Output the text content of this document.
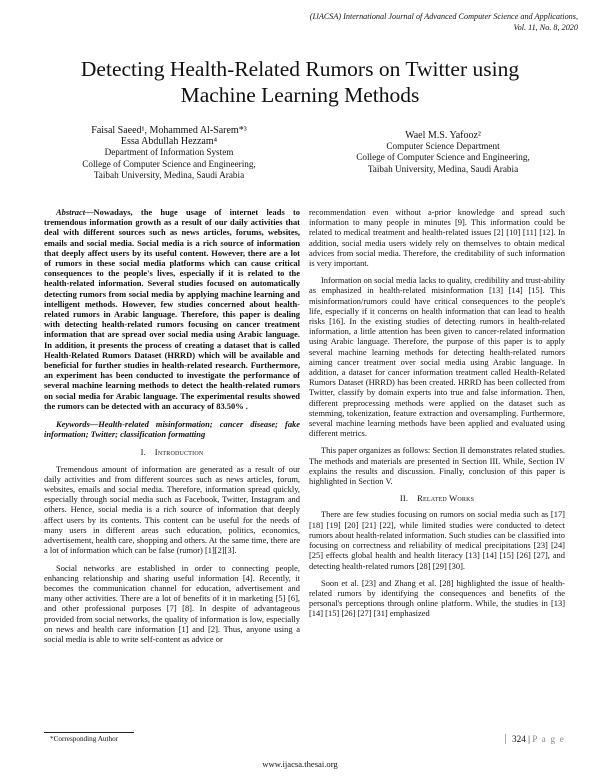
(IJACSA) International Journal of Advanced Computer Science and Applications,
Vol. 11, No. 8, 2020
Detecting Health-Related Rumors on Twitter using
Machine Learning Methods
Faisal Saeed¹, Mohammed Al-Sarem*³
Essa Abdullah Hezzam⁴
Department of Information System
College of Computer Science and Engineering,
Taibah University, Medina, Saudi Arabia
Wael M.S. Yafooz²
Computer Science Department
College of Computer Science and Engineering,
Taibah University, Medina, Saudi Arabia

Abstract—Nowadays, the huge usage of internet leads to tremendous information growth as a result of our daily activities that deal with different sources such as news articles, forums, websites, emails and social media. Social media is a rich source of information that deeply affect users by its useful content. However, there are a lot of rumors in these social media platforms which can cause critical consequences to the people's lives, especially if it is related to the health-related information. Several studies focused on automatically detecting rumors from social media by applying machine learning and intelligent methods. However, few studies concerned about health-related rumors in Arabic language. Therefore, this paper is dealing with detecting health-related rumors focusing on cancer treatment information that are spread over social media using Arabic language. In addition, it presents the process of creating a dataset that is called Health-Related Rumors Dataset (HRRD) which will be available and beneficial for further studies in health-related research. Furthermore, an experiment has been conducted to investigate the performance of several machine learning methods to detect the health-related rumors on social media for Arabic language. The experimental results showed the rumors can be detected with an accuracy of 83.50% .

Keywords—Health-related misinformation; cancer disease; fake information; Twitter; classification formatting

I. Introduction

Tremendous amount of information are generated as a result of our daily activities and from different sources such as news articles, forum, websites, emails and social media. Therefore, information spread quickly, especially through social media such as Facebook, Twitter, Instagram and others. Hence, social media is a rich source of information that deeply affect users by its contents. This content can be useful for the needs of many users in different areas such education, politics, economics, advertisement, health care, shopping and others. At the same time, there are a lot of information which can be false (rumor) [1][2][3].

Social networks are established in order to connecting people, enhancing relationship and sharing useful information [4]. Recently, it becomes the communication channel for education, advertisement and many other activities. There are a lot of benefits of it in marketing [5] [6], and other professional purposes [7] [8]. In despite of advantageous provided from social networks, the quality of information is low, especially on news and health care information [1] and [2]. Thus, anyone using a social media is able to write self-content as advice or

recommendation even without a-prior knowledge and spread such information to many people in minutes [9]. This information could be related to medical treatment and health-related issues [2] [10] [11] [12]. In addition, social media users widely rely on themselves to obtain medical advices from social media. Therefore, the creditability of such information is very important.

Information on social media lacks to quality, credibility and trust-ability as emphasized in health-related misinformation [13] [14] [15]. This misinformation/rumors could have critical consequences to the people's life, especially if it concerns on health information that can lead to health risks [16]. In the existing studies of detecting rumors in health-related information, a little attention has been given to cancer-related information using Arabic language. Therefore, the purpose of this paper is to apply several machine learning methods for detecting health-related rumors aiming cancer treatment over social media using Arabic language. In addition, a dataset for cancer information treatment called Health-Related Rumors Dataset (HRRD) has been created. HRRD has been collected from Twitter, classify by domain experts into true and false information. Then, different preprocessing methods were applied on the dataset such as stemming, tokenization, feature extraction and oversampling. Furthermore, several machine learning methods have been applied and evaluated using different metrics.

This paper organizes as follows: Section II demonstrates related studies. The methods and materials are presented in Section III. While, Section IV explains the results and discussion. Finally, conclusion of this paper is highlighted in Section V.

II. Related Works

There are few studies focusing on rumors on social media such as [17] [18] [19] [20] [21] [22], while limited studies were conducted to detect rumors about health-related information. Such studies can be classified into focusing on correctness and reliability of medical precipitations [23] [24] [25] effects global health and health literacy [13] [14] [15] [26] [27], and detecting health-related rumors [28] [29] [30].

Soon et al. [23] and Zhang et al. [28] highlighted the issue of health-related rumors by identifying the consequences and benefits of the personal's perceptions through online platform. While, the studies in [13] [14] [15] [26] [27] [31] emphasized

*Corresponding Author	324 | P a g e
www.ijacsa.thesai.org
